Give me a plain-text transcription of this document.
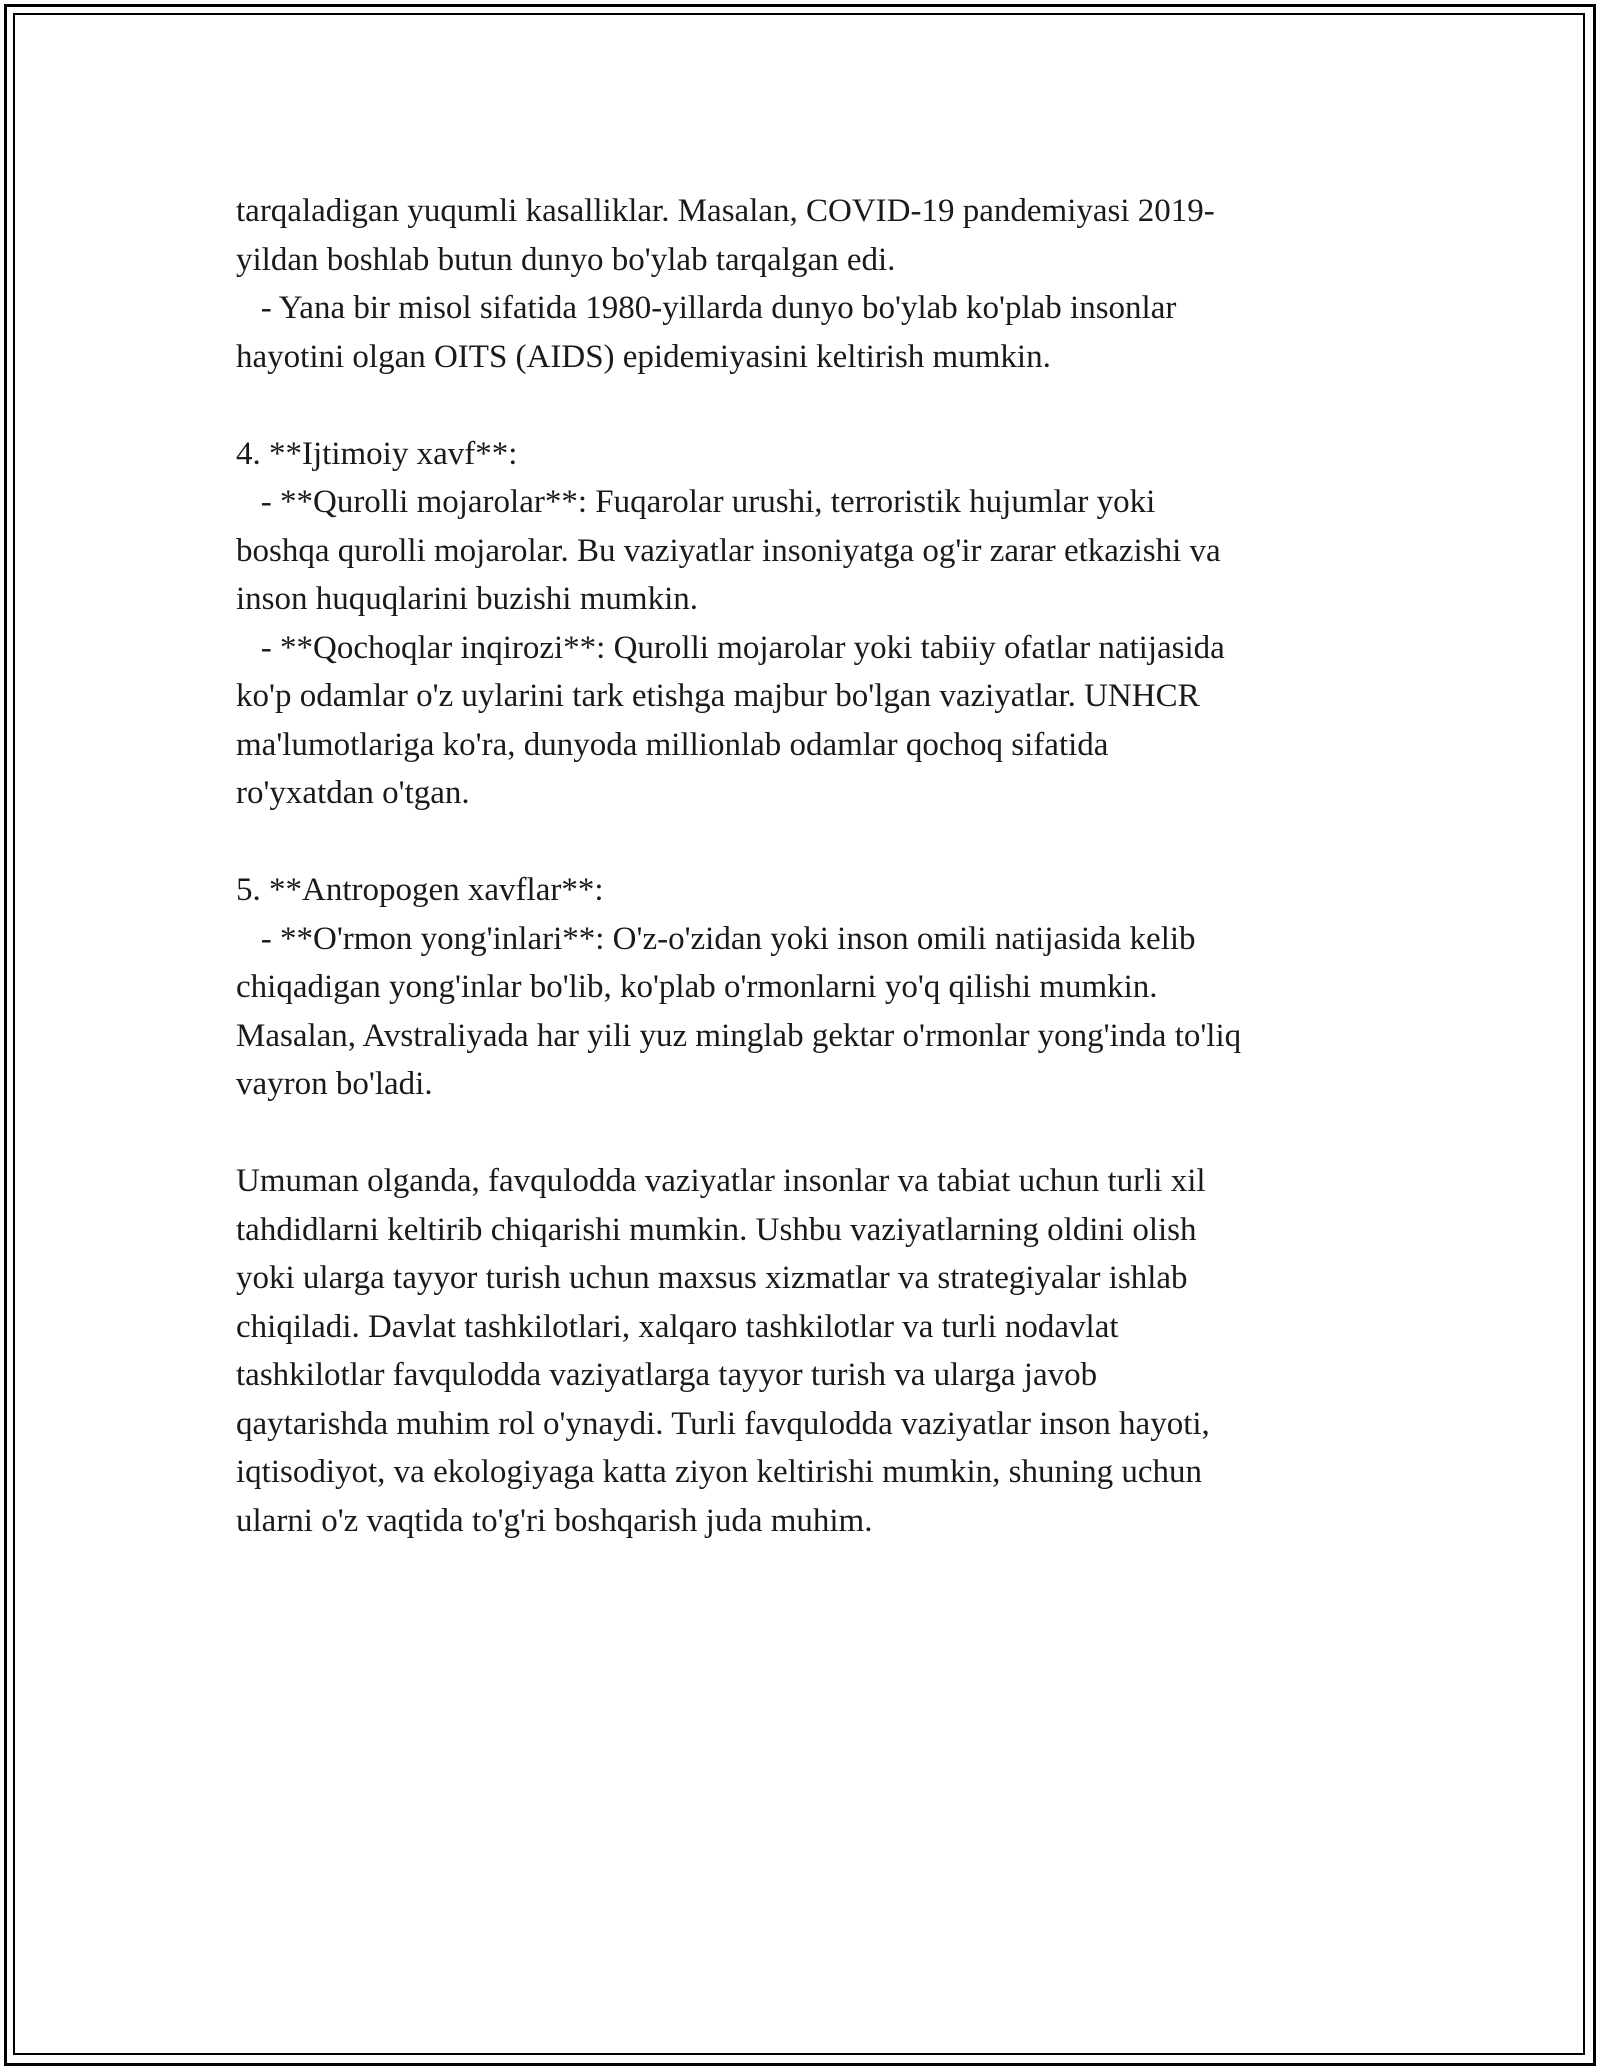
tarqaladigan yuqumli kasalliklar. Masalan, COVID-19 pandemiyasi 2019-
yildan boshlab butun dunyo bo'ylab tarqalgan edi.
- Yana bir misol sifatida 1980-yillarda dunyo bo'ylab ko'plab insonlar
hayotini olgan OITS (AIDS) epidemiyasini keltirish mumkin.
4. **Ijtimoiy xavf**:
- **Qurolli mojarolar**: Fuqarolar urushi, terroristik hujumlar yoki
boshqa qurolli mojarolar. Bu vaziyatlar insoniyatga og'ir zarar etkazishi va
inson huquqlarini buzishi mumkin.
- **Qochoqlar inqirozi**: Qurolli mojarolar yoki tabiiy ofatlar natijasida
ko'p odamlar o'z uylarini tark etishga majbur bo'lgan vaziyatlar. UNHCR
ma'lumotlariga ko'ra, dunyoda millionlab odamlar qochoq sifatida
ro'yxatdan o'tgan.
5. **Antropogen xavflar**:
- **O'rmon yong'inlari**: O'z-o'zidan yoki inson omili natijasida kelib
chiqadigan yong'inlar bo'lib, ko'plab o'rmonlarni yo'q qilishi mumkin.
Masalan, Avstraliyada har yili yuz minglab gektar o'rmonlar yong'inda to'liq
vayron bo'ladi.
Umuman olganda, favqulodda vaziyatlar insonlar va tabiat uchun turli xil
tahdidlarni keltirib chiqarishi mumkin. Ushbu vaziyatlarning oldini olish
yoki ularga tayyor turish uchun maxsus xizmatlar va strategiyalar ishlab
chiqiladi. Davlat tashkilotlari, xalqaro tashkilotlar va turli nodavlat
tashkilotlar favqulodda vaziyatlarga tayyor turish va ularga javob
qaytarishda muhim rol o'ynaydi. Turli favqulodda vaziyatlar inson hayoti,
iqtisodiyot, va ekologiyaga katta ziyon keltirishi mumkin, shuning uchun
ularni o'z vaqtida to'g'ri boshqarish juda muhim.
